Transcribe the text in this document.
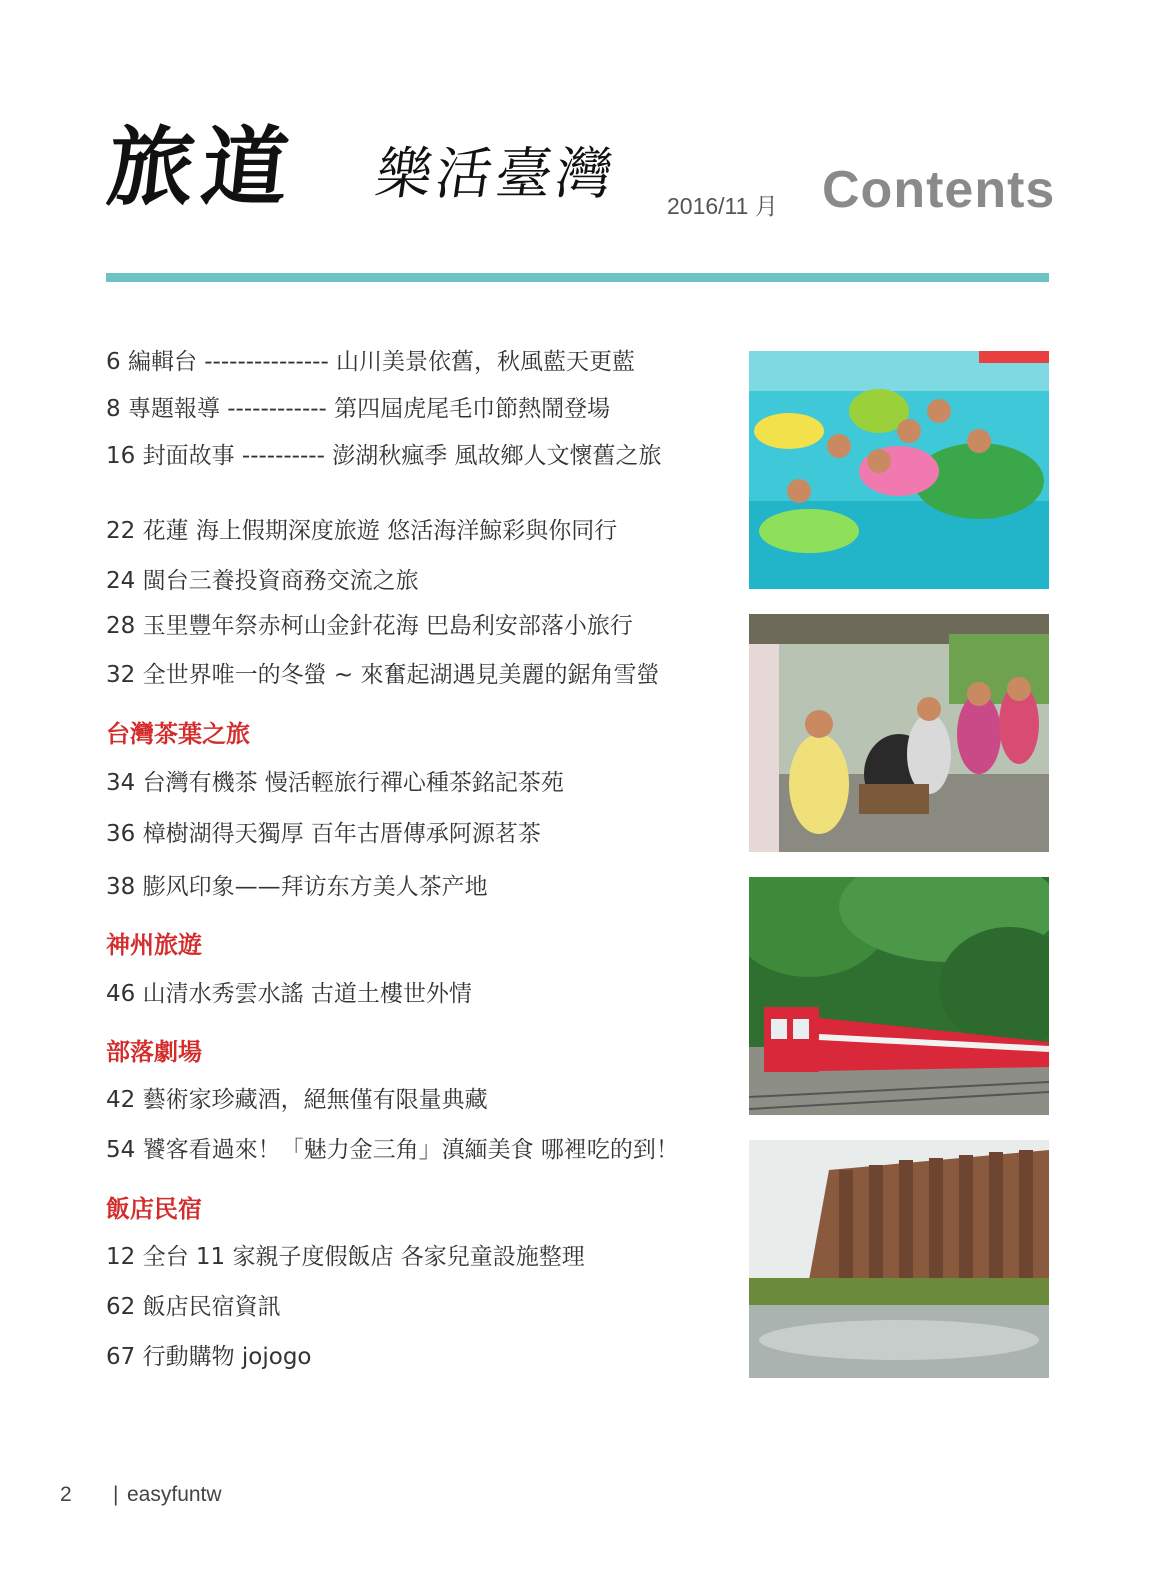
旅道 樂活臺灣 2016/11 月 Contents
6 編輯台 --------------- 山川美景依舊，秋風藍天更藍
8 專題報導 ------------ 第四屆虎尾毛巾節熱鬧登場
16 封面故事 ---------- 澎湖秋瘋季 風故鄉人文懷舊之旅
22 花蓮 海上假期深度旅遊 悠活海洋鯨彩與你同行
24 閩台三養投資商務交流之旅
28 玉里豐年祭赤柯山金針花海 巴島利安部落小旅行
32 全世界唯一的冬螢 ~ 來奮起湖遇見美麗的鋸角雪螢
台灣茶葉之旅
34 台灣有機茶 慢活輕旅行禪心種茶銘記茶苑
36 樟樹湖得天獨厚 百年古厝傳承阿源茗茶
38 膨风印象——拜访东方美人茶产地
神州旅遊
46 山清水秀雲水謠 古道土樓世外情
部落劇場
42 藝術家珍藏酒，絕無僅有限量典藏
54 饕客看過來！「魅力金三角」滇緬美食 哪裡吃的到！
飯店民宿
12 全台 11 家親子度假飯店 各家兒童設施整理
62 飯店民宿資訊
67 行動購物 jojogo
2 | easyfuntw
